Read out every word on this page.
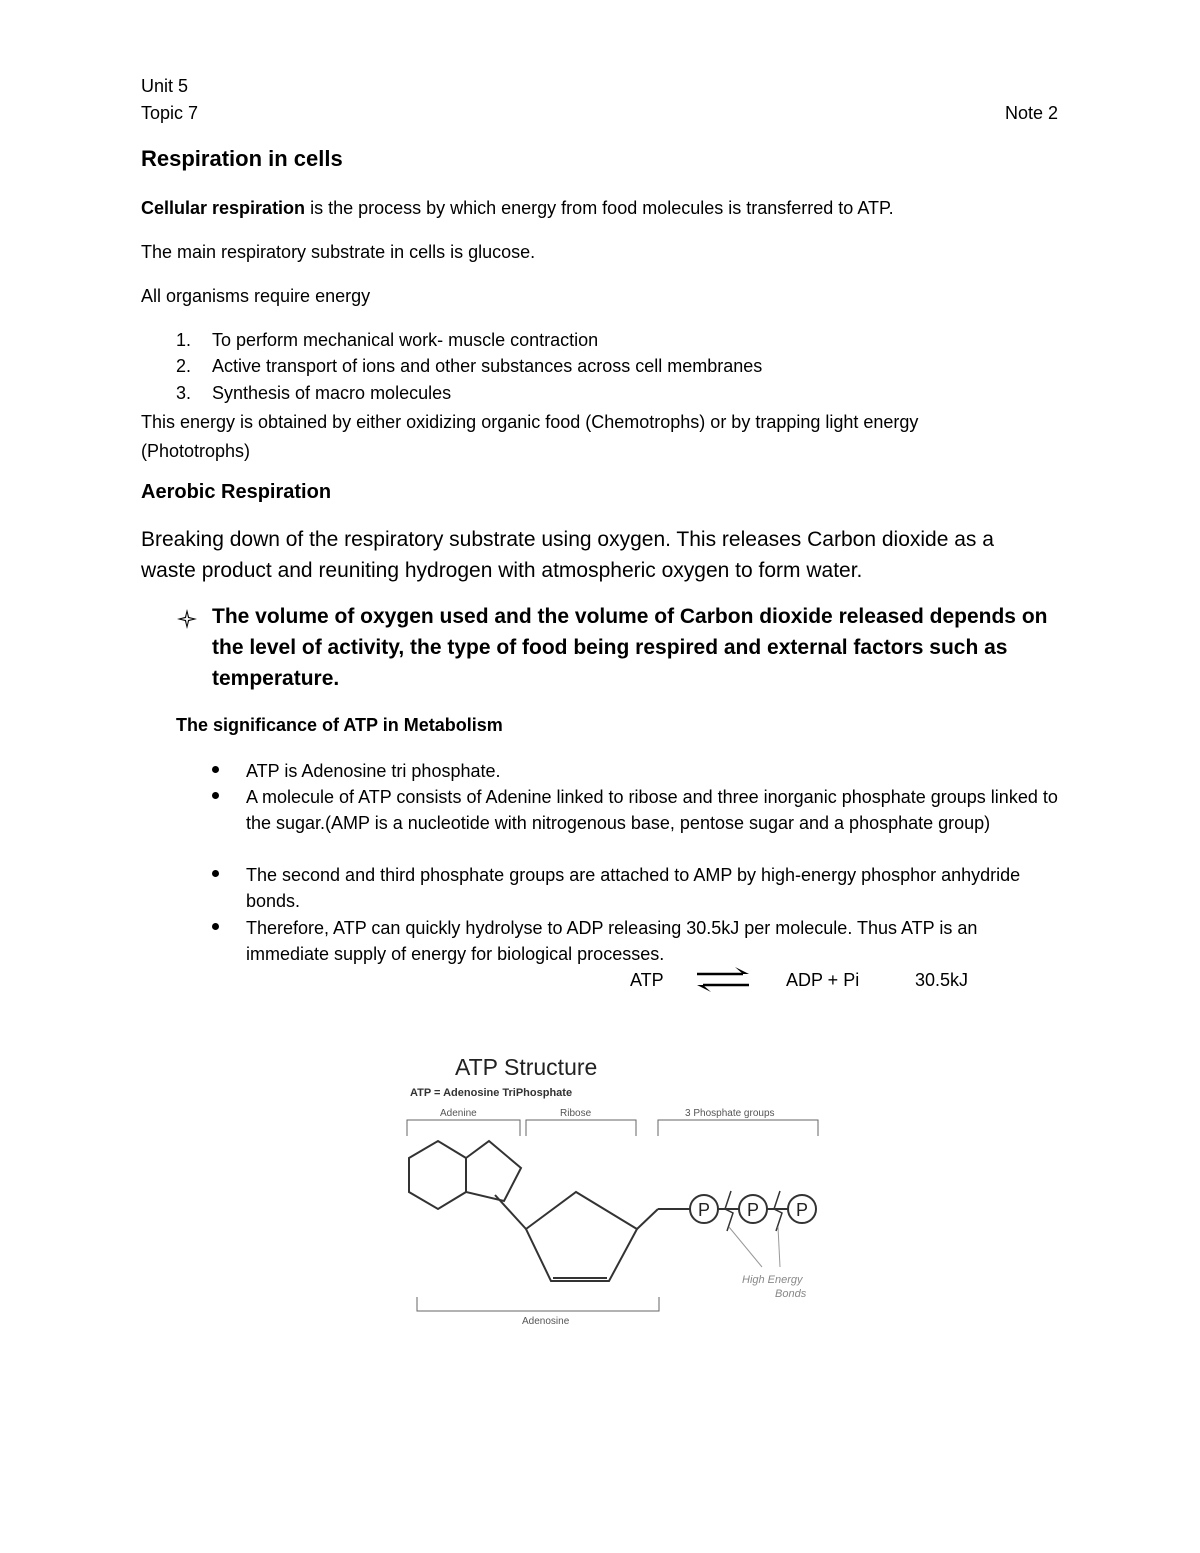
Unit 5
Topic 7	Note 2
Respiration in cells
Cellular respiration is the process by which energy from food molecules is transferred to ATP.
The main respiratory substrate in cells is glucose.
All organisms require energy
1. To perform mechanical work- muscle contraction
2. Active transport of ions and other substances across cell membranes
3. Synthesis of macro molecules
This energy is obtained by either oxidizing organic food (Chemotrophs) or by trapping light energy (Phototrophs)
Aerobic Respiration
Breaking down of the respiratory substrate using oxygen. This releases Carbon dioxide as a waste product and reuniting hydrogen with atmospheric oxygen to form water.
The volume of oxygen used and the volume of Carbon dioxide released depends on the level of activity, the type of food being respired and external factors such as temperature.
The significance of ATP in Metabolism
ATP is Adenosine tri phosphate.
A molecule of ATP consists of Adenine linked to ribose and three inorganic phosphate groups linked to the sugar.(AMP is a nucleotide with nitrogenous base, pentose sugar and a phosphate group)
The second and third phosphate groups are attached to AMP by high-energy phosphor anhydride bonds.
Therefore, ATP can quickly hydrolyse to ADP releasing 30.5kJ per molecule. Thus ATP is an immediate supply of energy for biological processes.
ATP	ADP + Pi	30.5kJ
ATP Structure
ATP = Adenosine TriPhosphate
Adenine	Ribose	3 Phosphate groups
P P P
High Energy
Bonds
Adenosine
